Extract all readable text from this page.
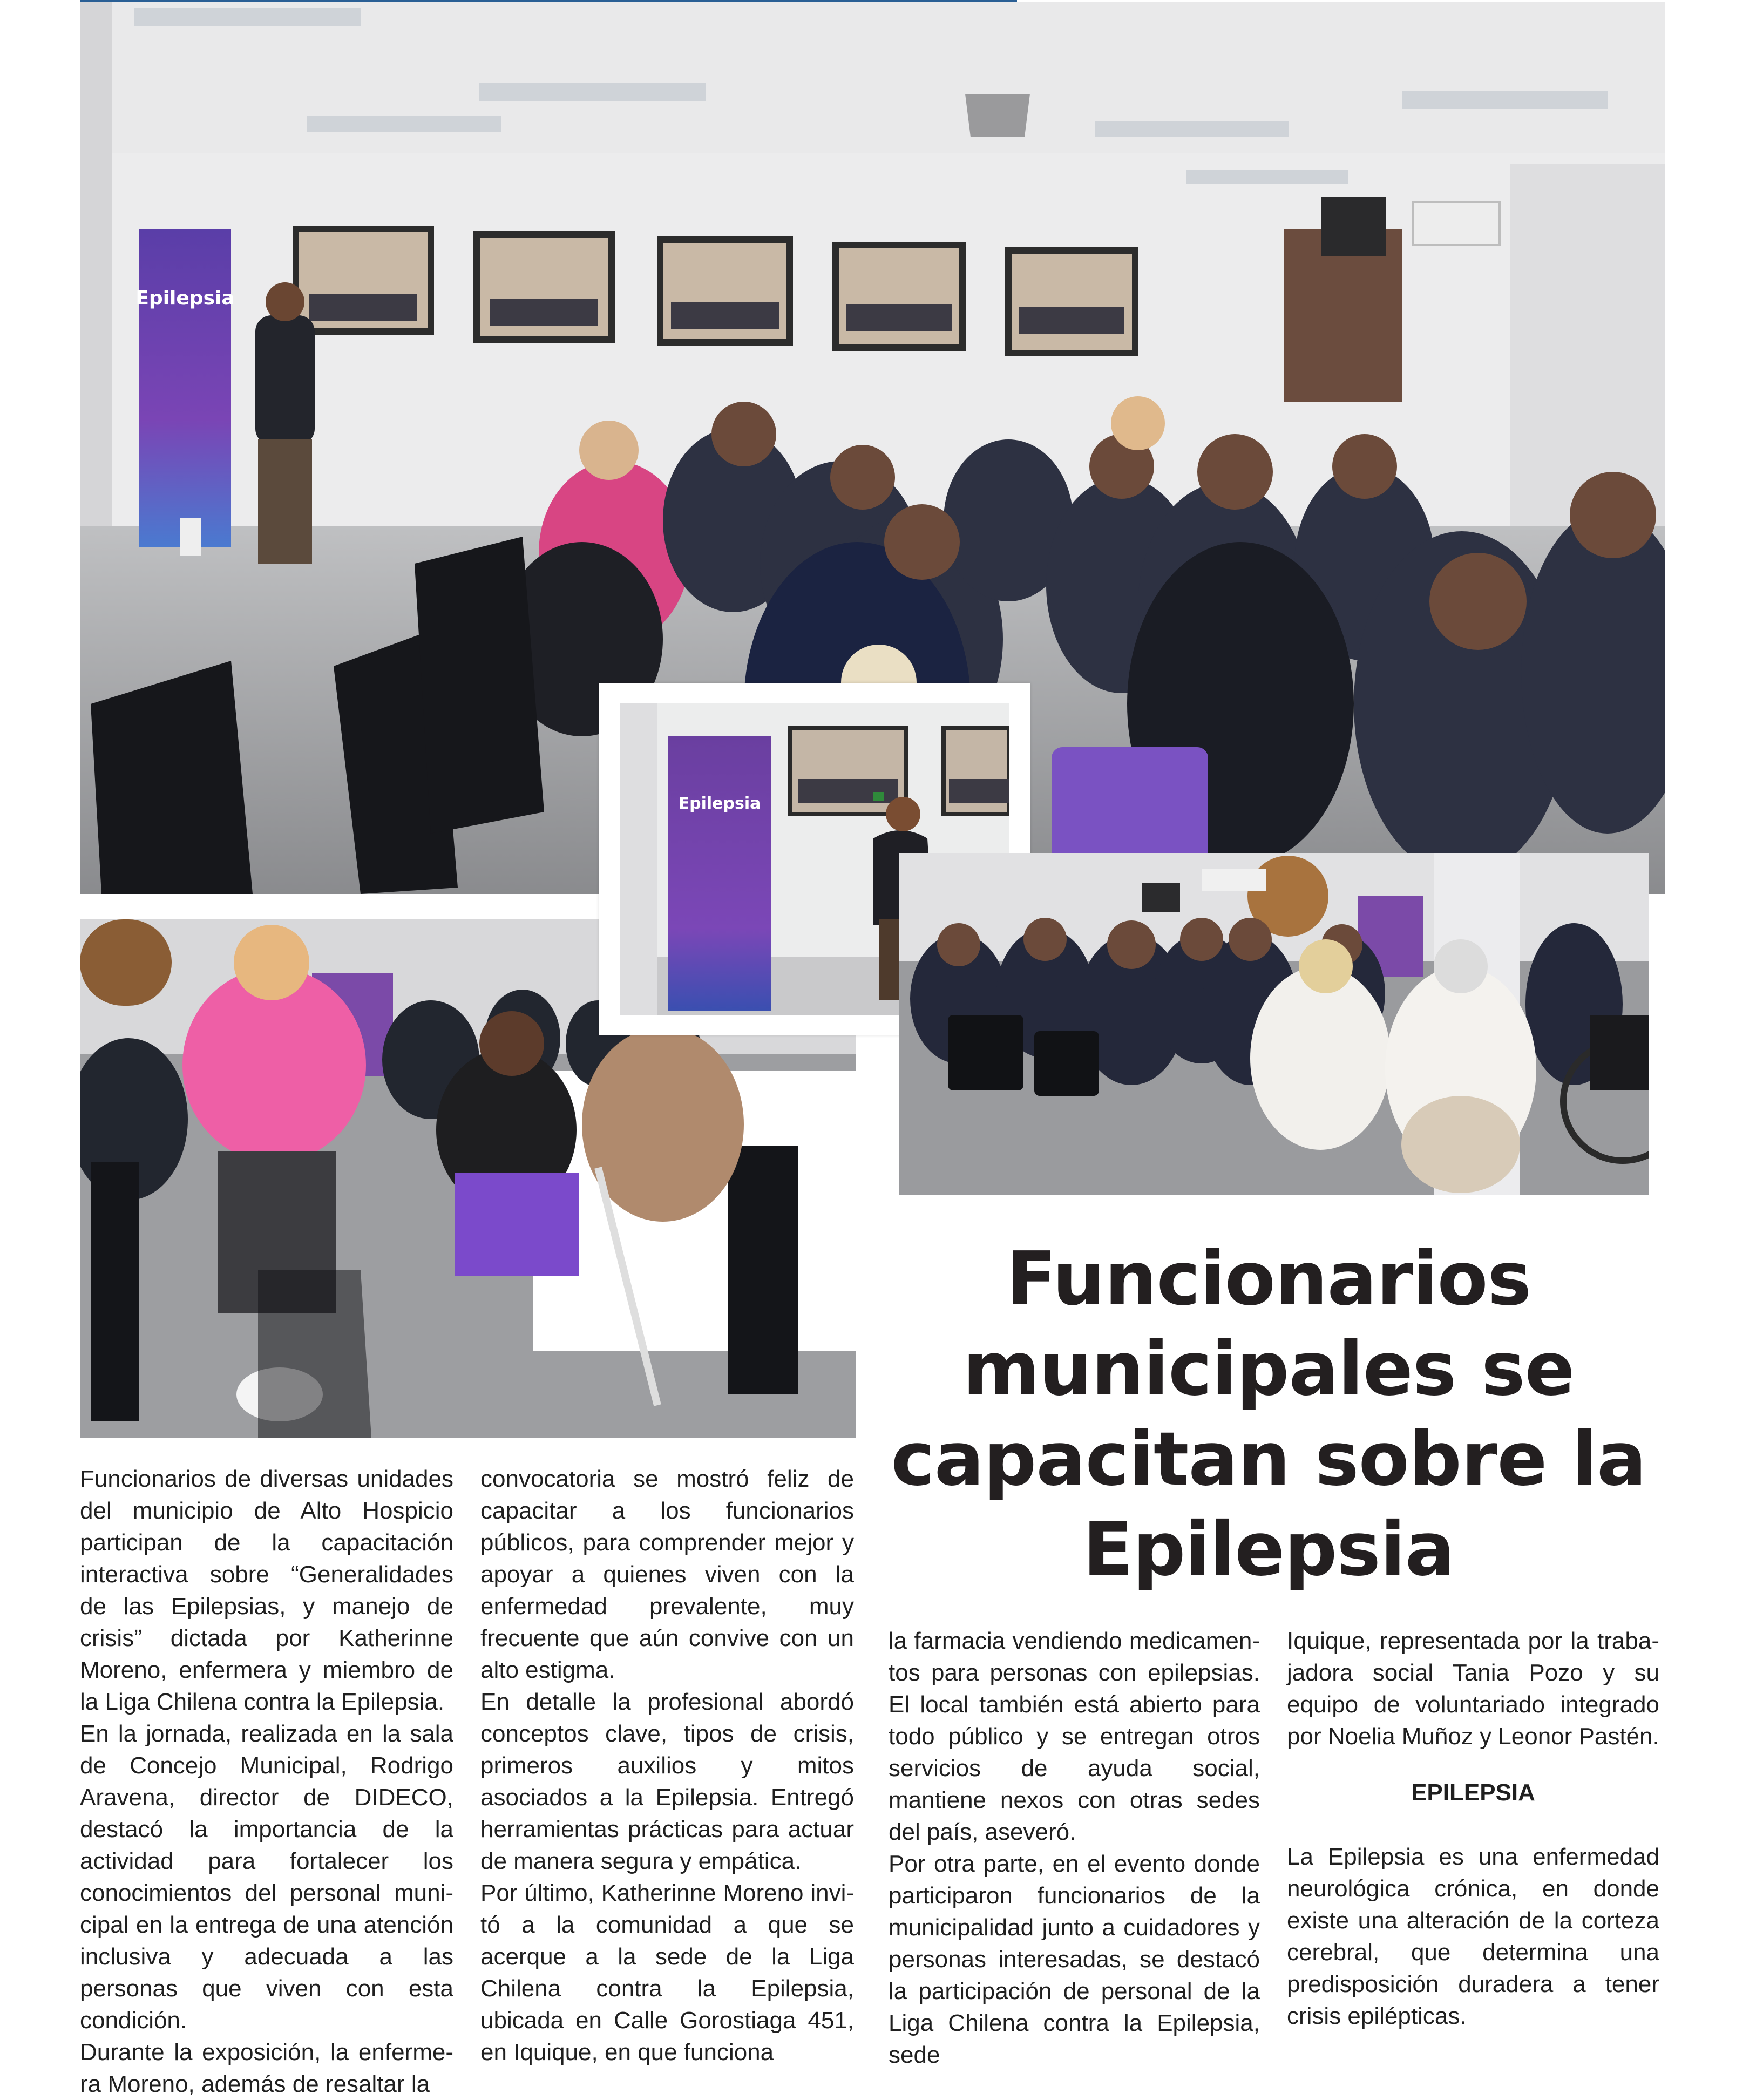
Epilepsia
Epilepsia
Funcionarios municipales se capacitan sobre la Epilepsia

Funcionarios de diversas unidades del municipio de Alto Hospicio participan de la capacitación interactiva sobre “Generalidades de las Epilepsias, y manejo de crisis” dictada por Katherinne Moreno, enfermera y miembro de la Liga Chilena contra la Epilepsia.

En la jornada, realizada en la sala de Concejo Municipal, Rodrigo Aravena, director de DIDECO, destacó la importancia de la actividad para fortalecer los conocimientos del personal municipal en la entrega de una atención inclusiva y adecuada a las personas que viven con esta condición.

Durante la exposición, la enfermera Moreno, además de resaltar la

convocatoria se mostró feliz de capacitar a los funcionarios públicos, para comprender mejor y apoyar a quienes viven con la enfermedad prevalente, muy frecuente que aún convive con un alto estigma.

En detalle la profesional abordó conceptos clave, tipos de crisis, primeros auxilios y mitos asociados a la Epilepsia. Entregó herramientas prácticas para actuar de manera segura y empática.

Por último, Katherinne Moreno invitó a la comunidad a que se acerque a la sede de la Liga Chilena contra la Epilepsia, ubicada en Calle Gorostiaga 451, en Iquique, en que funciona

la farmacia vendiendo medicamentos para personas con epilepsias. El local también está abierto para todo público y se entregan otros servicios de ayuda social, mantiene nexos con otras sedes del país, aseveró.

Por otra parte, en el evento donde participaron funcionarios de la municipalidad junto a cuidadores y personas interesadas, se destacó la participación de personal de la Liga Chilena contra la Epilepsia, sede

Iquique, representada por la trabajadora social Tania Pozo y su equipo de voluntariado integrado por Noelia Muñoz y Leonor Pastén.

EPILEPSIA

La Epilepsia es una enfermedad neurológica crónica, en donde existe una alteración de la corteza cerebral, que determina una predisposición duradera a tener crisis epilépticas.
